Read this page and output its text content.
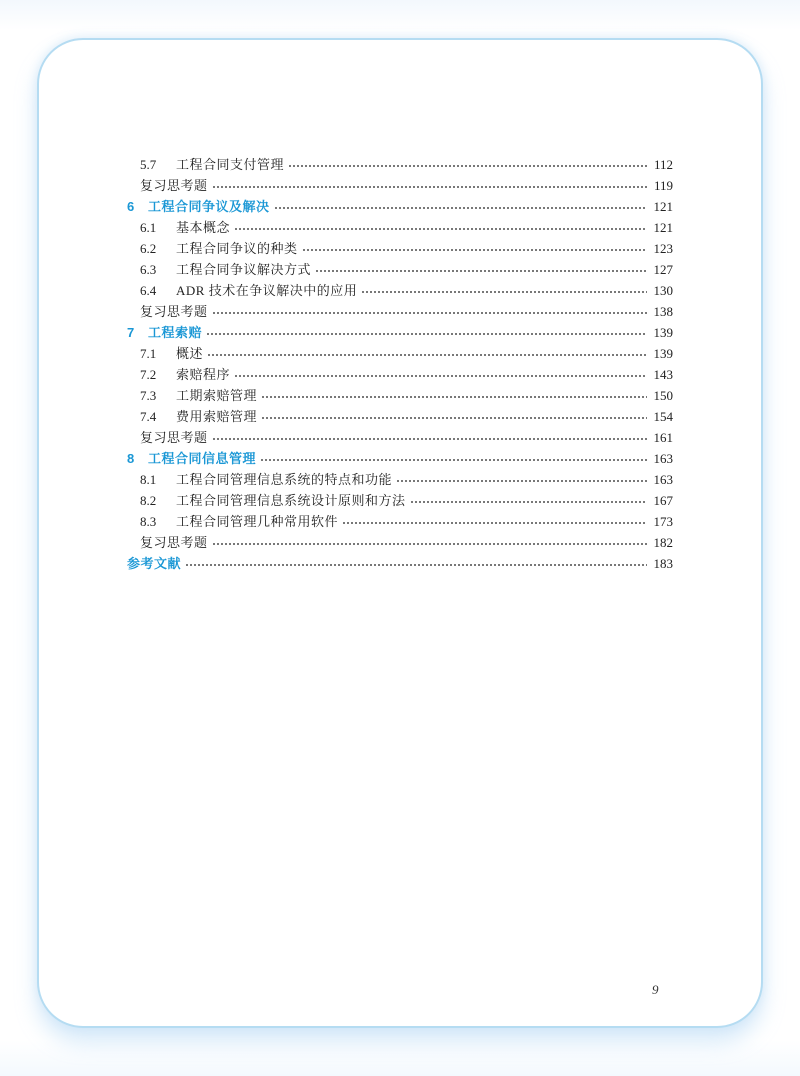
5.7	工程合同支付管理	112
复习思考题	119
6	工程合同争议及解决	121
6.1	基本概念	121
6.2	工程合同争议的种类	123
6.3	工程合同争议解决方式	127
6.4	ADR 技术在争议解决中的应用	130
复习思考题	138
7	工程索赔	139
7.1	概述	139
7.2	索赔程序	143
7.3	工期索赔管理	150
7.4	费用索赔管理	154
复习思考题	161
8	工程合同信息管理	163
8.1	工程合同管理信息系统的特点和功能	163
8.2	工程合同管理信息系统设计原则和方法	167
8.3	工程合同管理几种常用软件	173
复习思考题	182
参考文献	183
9
